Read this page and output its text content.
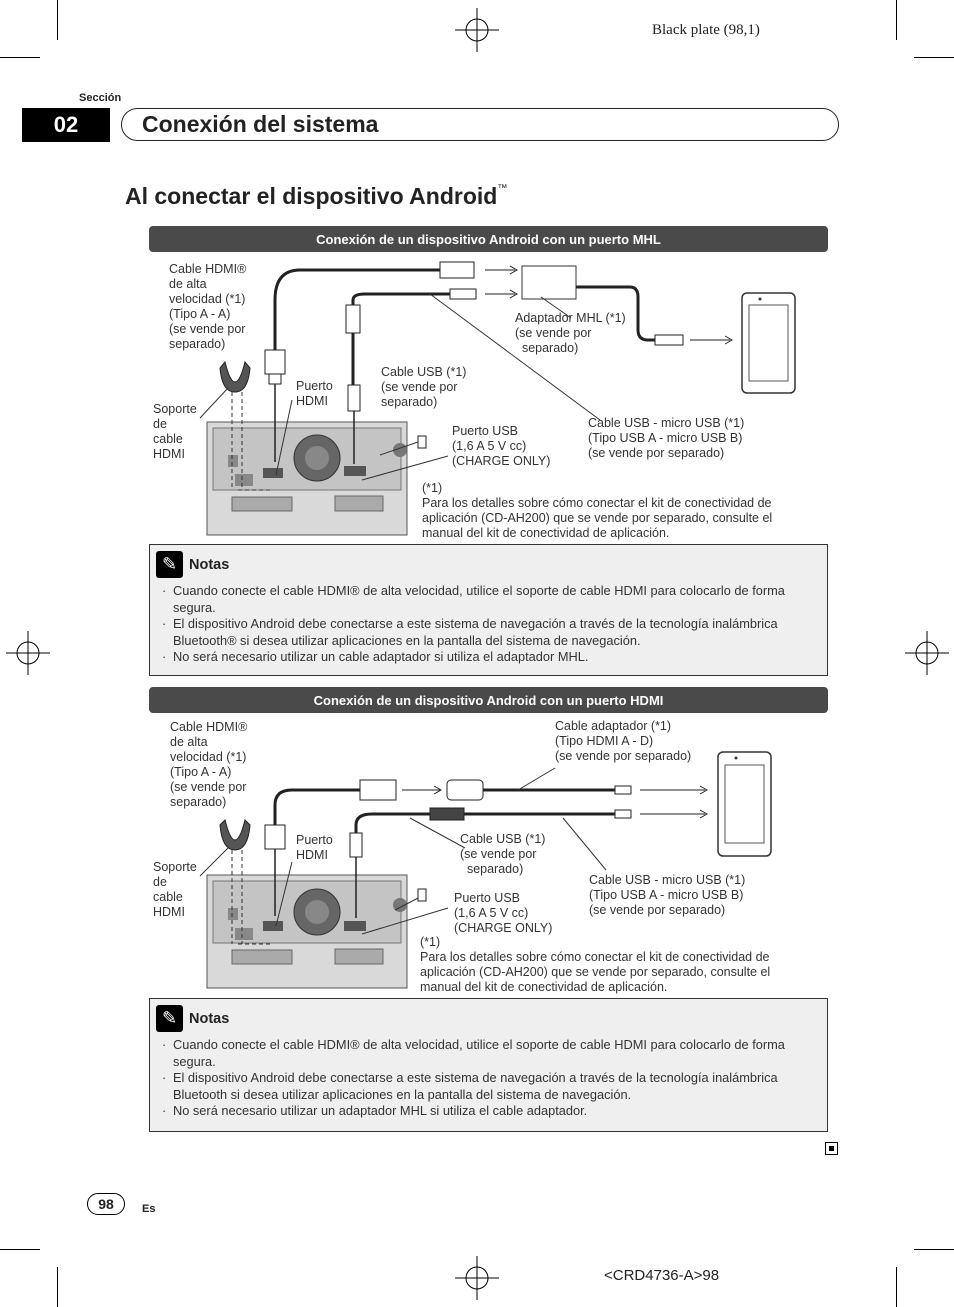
Black plate (98,1)
Sección
02	Conexión del sistema
Al conectar el dispositivo Android™
Conexión de un dispositivo Android con un puerto MHL
Cable HDMI®
de alta
velocidad (*1)
(Tipo A - A)
(se vende por
separado)
Adaptador MHL (*1)
(se vende por
separado)
Puerto
HDMI
Cable USB (*1)
(se vende por
separado)
Soporte
de
cable
HDMI
Puerto USB
(1,6 A 5 V cc)
(CHARGE ONLY)
Cable USB - micro USB (*1)
(Tipo USB A - micro USB B)
(se vende por separado)
(*1)
Para los detalles sobre cómo conectar el kit de conectividad de
aplicación (CD-AH200) que se vende por separado, consulte el
manual del kit de conectividad de aplicación.
✎ Notas
· Cuando conecte el cable HDMI® de alta velocidad, utilice el soporte de cable HDMI para colocarlo de forma segura.
· El dispositivo Android debe conectarse a este sistema de navegación a través de la tecnología inalámbrica Bluetooth® si desea utilizar aplicaciones en la pantalla del sistema de navegación.
· No será necesario utilizar un cable adaptador si utiliza el adaptador MHL.
Conexión de un dispositivo Android con un puerto HDMI
Cable HDMI®
de alta
velocidad (*1)
(Tipo A - A)
(se vende por
separado)
Cable adaptador (*1)
(Tipo HDMI A - D)
(se vende por separado)
Puerto
HDMI
Cable USB (*1)
(se vende por
separado)
Soporte
de
cable
HDMI
Puerto USB
(1,6 A 5 V cc)
(CHARGE ONLY)
Cable USB - micro USB (*1)
(Tipo USB A - micro USB B)
(se vende por separado)
(*1)
Para los detalles sobre cómo conectar el kit de conectividad de
aplicación (CD-AH200) que se vende por separado, consulte el
manual del kit de conectividad de aplicación.
✎ Notas
· Cuando conecte el cable HDMI® de alta velocidad, utilice el soporte de cable HDMI para colocarlo de forma segura.
· El dispositivo Android debe conectarse a este sistema de navegación a través de la tecnología inalámbrica Bluetooth si desea utilizar aplicaciones en la pantalla del sistema de navegación.
· No será necesario utilizar un adaptador MHL si utiliza el cable adaptador.
98	Es
<CRD4736-A>98
